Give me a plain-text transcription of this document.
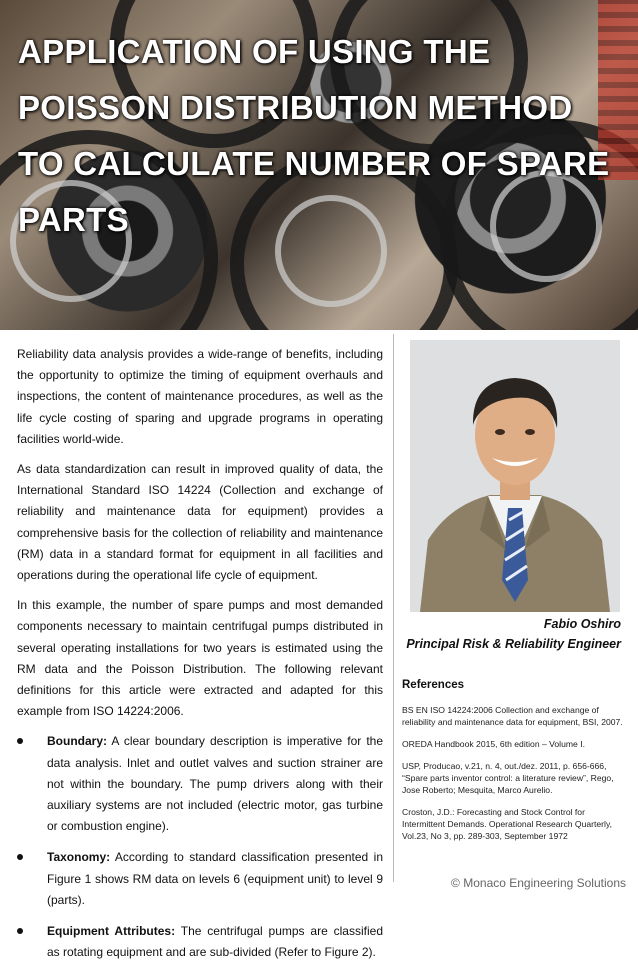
APPLICATION OF USING THE POISSON DISTRIBUTION METHOD TO CALCULATE NUMBER OF SPARE PARTS

Reliability data analysis provides a wide-range of benefits, including the opportunity to optimize the timing of equipment overhauls and inspections, the content of maintenance procedures, as well as the life cycle costing of sparing and upgrade programs in operating facilities world-wide.

As data standardization can result in improved quality of data, the International Standard ISO 14224 (Collection and exchange of reliability and maintenance data for equipment) provides a comprehensive basis for the collection of reliability and maintenance (RM) data in a standard format for equipment in all facilities and operations during the operational life cycle of equipment.

In this example, the number of spare pumps and most demanded components necessary to maintain centrifugal pumps distributed in several operating installations for two years is estimated using the RM data and the Poisson Distribution. The following relevant definitions for this article were extracted and adapted for this example from ISO 14224:2006.

Boundary: A clear boundary description is imperative for the data analysis. Inlet and outlet valves and suction strainer are not within the boundary. The pump drivers along with their auxiliary systems are not included (electric motor, gas turbine or combustion engine).
Taxonomy: According to standard classification presented in Figure 1 shows RM data on levels 6 (equipment unit) to level 9 (parts).
Equipment Attributes: The centrifugal pumps are classified as rotating equipment and are sub-divided (Refer to Figure 2).
Fabio Oshiro
Principal Risk & Reliability Engineer
References

BS EN ISO 14224:2006 Collection and exchange of reliability and maintenance data for equipment, BSI, 2007.

OREDA Handbook 2015, 6th edition – Volume I.

USP, Producao, v.21, n. 4, out./dez. 2011, p. 656-666, “Spare parts inventor control: a literature review”, Rego, Jose Roberto; Mesquita, Marco Aurelio.

Croston, J.D.: Forecasting and Stock Control for Intermittent Demands. Operational Research Quarterly, Vol.23, No 3, pp. 289-303, September 1972

© Monaco Engineering Solutions
